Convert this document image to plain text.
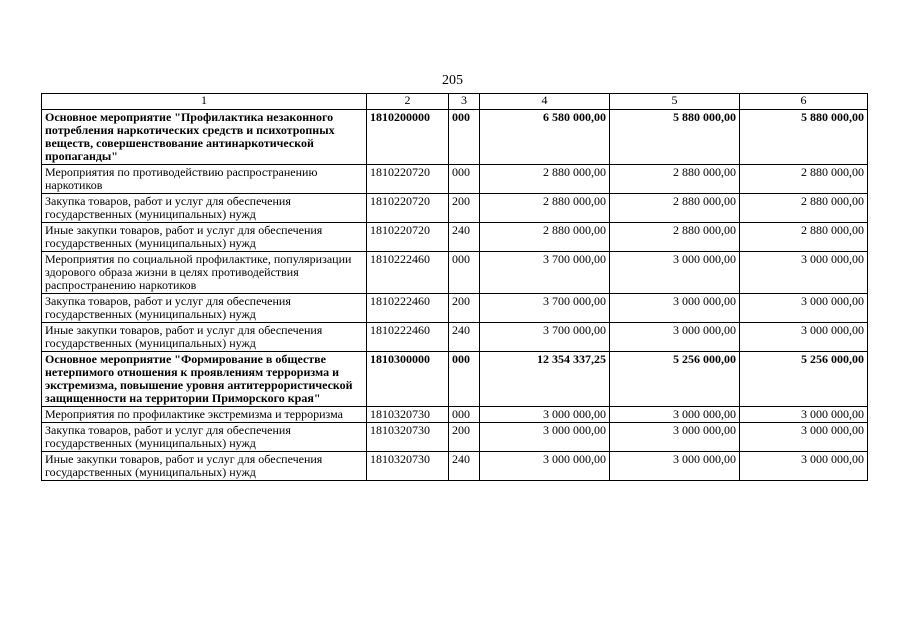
205
1	2	3	4	5	6
Основное мероприятие "Профилактика незаконного потребления наркотических средств и психотропных веществ, совершенствование антинаркотической пропаганды"	1810200000	000	6 580 000,00	5 880 000,00	5 880 000,00
Мероприятия по противодействию распространению наркотиков	1810220720	000	2 880 000,00	2 880 000,00	2 880 000,00
Закупка товаров, работ и услуг для обеспечения государственных (муниципальных) нужд	1810220720	200	2 880 000,00	2 880 000,00	2 880 000,00
Иные закупки товаров, работ и услуг для обеспечения государственных (муниципальных) нужд	1810220720	240	2 880 000,00	2 880 000,00	2 880 000,00
Мероприятия по социальной профилактике, популяризации здорового образа жизни в целях противодействия распространению наркотиков	1810222460	000	3 700 000,00	3 000 000,00	3 000 000,00
Закупка товаров, работ и услуг для обеспечения государственных (муниципальных) нужд	1810222460	200	3 700 000,00	3 000 000,00	3 000 000,00
Иные закупки товаров, работ и услуг для обеспечения государственных (муниципальных) нужд	1810222460	240	3 700 000,00	3 000 000,00	3 000 000,00
Основное мероприятие "Формирование в обществе нетерпимого отношения к проявлениям терроризма и экстремизма, повышение уровня антитеррористической защищенности на территории Приморского края"	1810300000	000	12 354 337,25	5 256 000,00	5 256 000,00
Мероприятия по профилактике экстремизма и терроризма	1810320730	000	3 000 000,00	3 000 000,00	3 000 000,00
Закупка товаров, работ и услуг для обеспечения государственных (муниципальных) нужд	1810320730	200	3 000 000,00	3 000 000,00	3 000 000,00
Иные закупки товаров, работ и услуг для обеспечения государственных (муниципальных) нужд	1810320730	240	3 000 000,00	3 000 000,00	3 000 000,00
